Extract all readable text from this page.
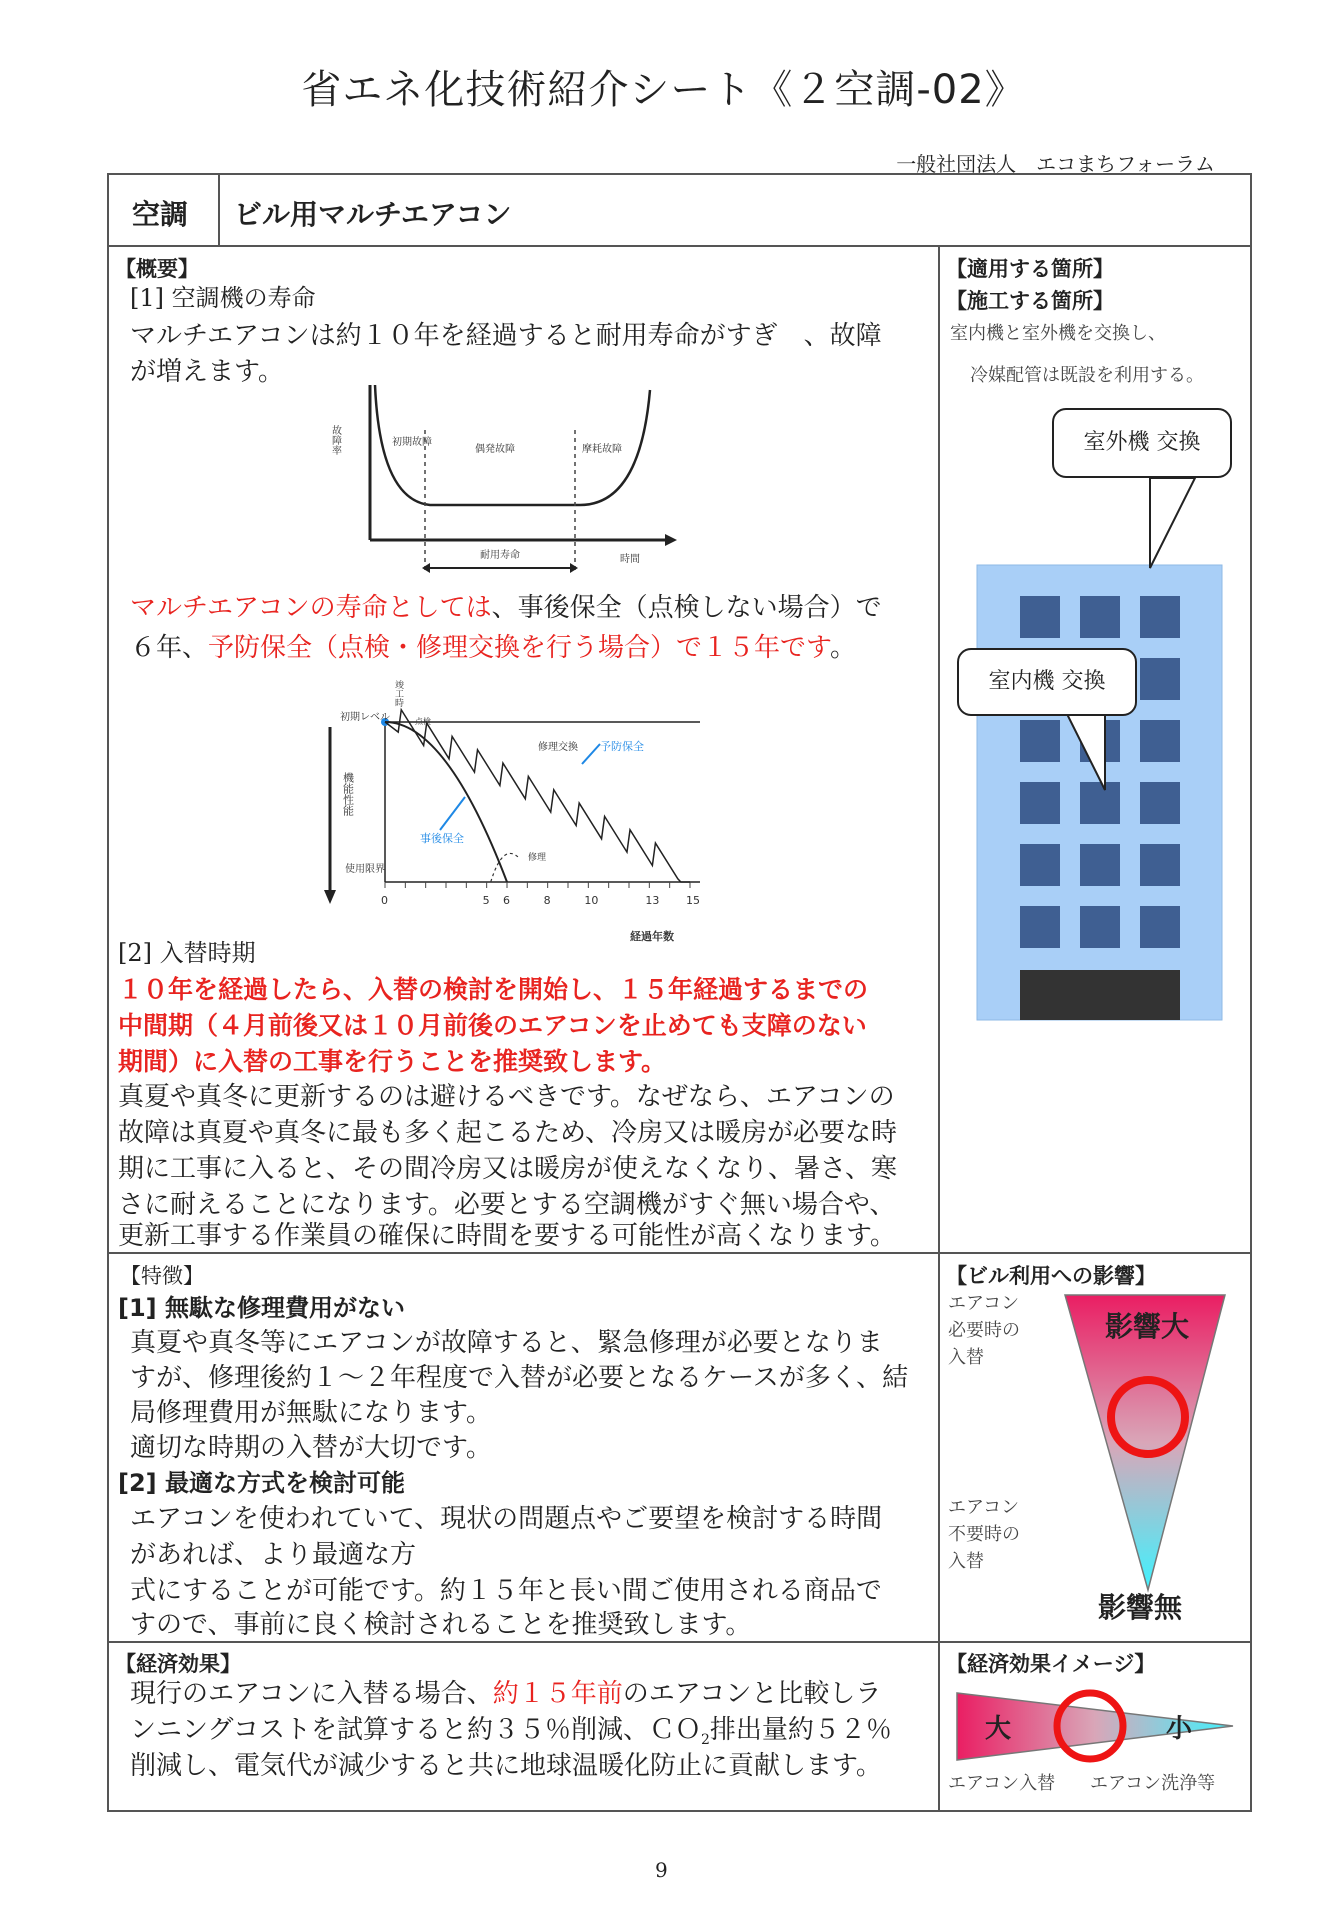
省エネ化技術紹介シート《２空調-02》
一般社団法人　エコまちフォーラム
空調 ビル用マルチエアコン
【概要】
[1] 空調機の寿命
マルチエアコンは約１０年を経過すると耐用寿命がすぎ　、故障
が増えます。
故障率	初期故障
偶発故障	摩耗故障
耐用寿命	時間
マルチエアコンの寿命としては、事後保全（点検しない場合）で
６年、予防保全（点検・修理交換を行う場合）で１５年です。
0	5 6	8	10	13 15
初期レベル
使用限界
機能性能
竣工時
事後保全
予防保全
修理交換
修理
点検
経過年数
[2] 入替時期
１０年を経過したら、入替の検討を開始し、１５年経過するまでの
中間期（４月前後又は１０月前後のエアコンを止めても支障のない
期間）に入替の工事を行うことを推奨致します。
真夏や真冬に更新するのは避けるべきです。なぜなら、エアコンの
故障は真夏や真冬に最も多く起こるため、冷房又は暖房が必要な時
期に工事に入ると、その間冷房又は暖房が使えなくなり、暑さ、寒
さに耐えることになります。必要とする空調機がすぐ無い場合や、
更新工事する作業員の確保に時間を要する可能性が高くなります。
【適用する箇所】
【施工する箇所】
室内機と室外機を交換し、
冷媒配管は既設を利用する。
室外機 交換
室内機 交換
【特徴】
[1] 無駄な修理費用がない
真夏や真冬等にエアコンが故障すると、緊急修理が必要となりま
すが、修理後約１～２年程度で入替が必要となるケースが多く、結
局修理費用が無駄になります。
適切な時期の入替が大切です。
[2] 最適な方式を検討可能
エアコンを使われていて、現状の問題点やご要望を検討する時間
があれば、より最適な方
式にすることが可能です。約１５年と長い間ご使用される商品で
すので、事前に良く検討されることを推奨致します。
【ビル利用への影響】
エアコン
必要時の
入替
エアコン
不要時の
入替
影響大
影響無
【経済効果】
現行のエアコンに入替る場合、約１５年前のエアコンと比較しラ
ンニングコストを試算すると約３５％削減、ＣＯ$_2$排出量約５２％
削減し、電気代が減少すると共に地球温暖化防止に貢献します。
【経済効果イメージ】
大	小
エアコン入替 エアコン洗浄等
9
